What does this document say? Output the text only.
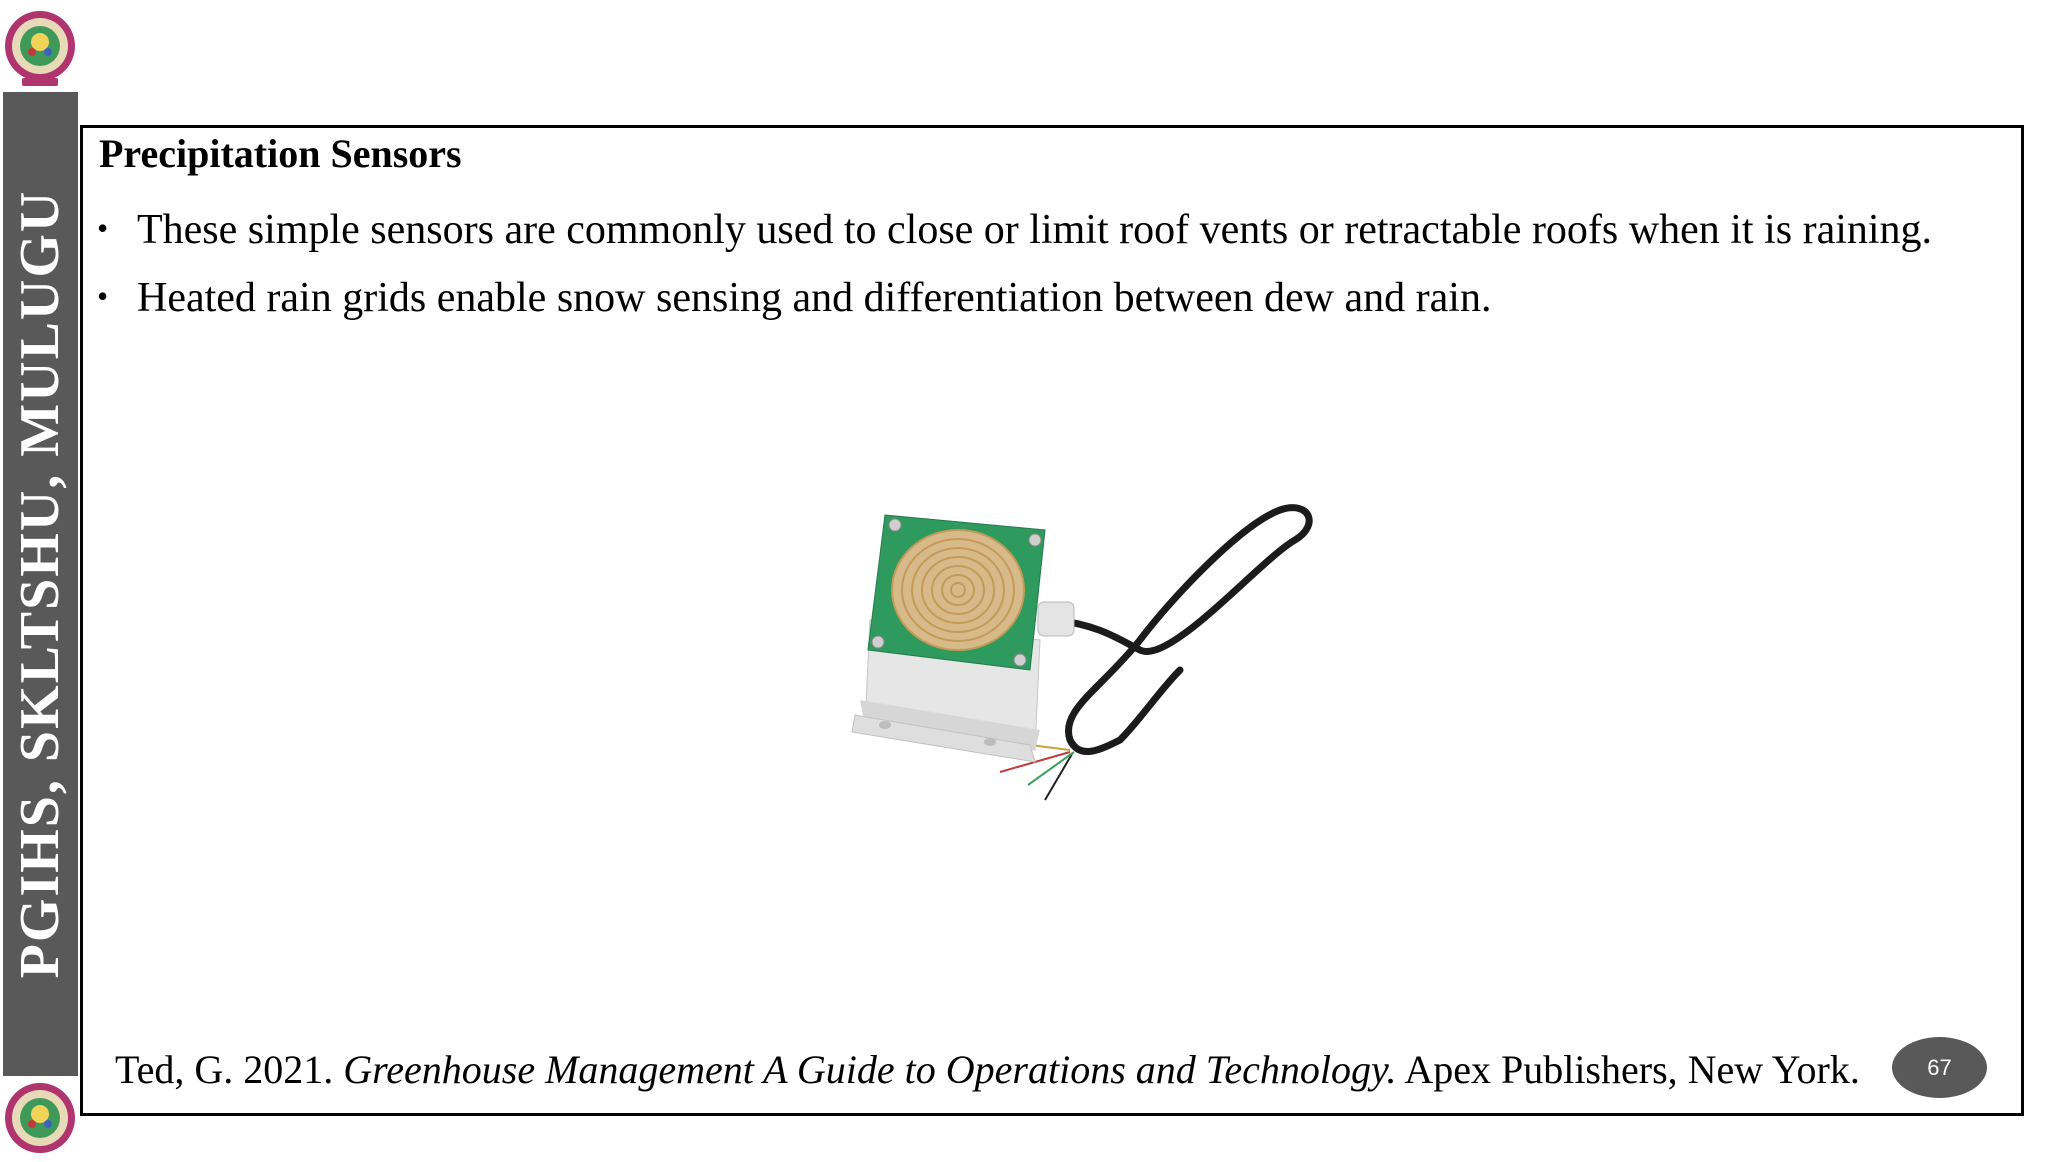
PGIHS, SKLTSHU, MULUGU
Precipitation Sensors
• These simple sensors are commonly used to close or limit roof vents or retractable roofs when it is raining.
• Heated rain grids enable snow sensing and differentiation between dew and rain.
Ted, G. 2021. Greenhouse Management A Guide to Operations and Technology. Apex Publishers, New York.	67
